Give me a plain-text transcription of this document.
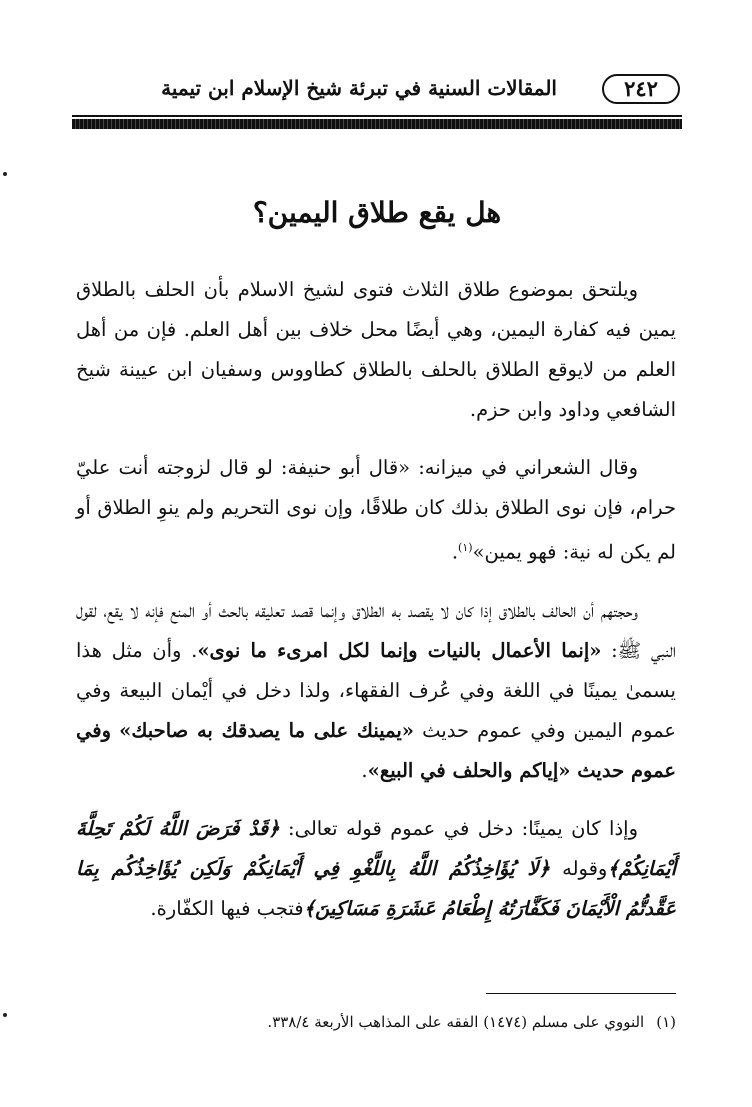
٢٤٢
المقالات السنية في تبرئة شيخ الإسلام ابن تيمية
هل يقع طلاق اليمين؟

ويلتحق بموضوع طلاق الثلاث فتوى لشيخ الاسلام بأن الحلف بالطلاق يمين فيه كفارة اليمين، وهي أيضًا محل خلاف بين أهل العلم. فإن من أهل العلم من لايوقع الطلاق بالحلف بالطلاق كطاووس وسفيان ابن عيينة شيخ الشافعي وداود وابن حزم.

وقال الشعراني في ميزانه: «قال أبو حنيفة: لو قال لزوجته أنت عليّ حرام، فإن نوى الطلاق بذلك كان طلاقًا، وإن نوى التحريم ولم ينوِ الطلاق أو لم يكن له نية: فهو يمين»$^{(١)}$.

وحجتهم أن الحالف بالطلاق إذا كان لا يقصد به الطلاق وإنما قصد تعليقه بالحث أو المنع فإنه لا يقع، لقول النبي ﷺ: «إنما الأعمال بالنيات وإنما لكل امرىء ما نوى». وأن مثل هذا يسمىٰ يمينًا في اللغة وفي عُرف الفقهاء، ولذا دخل في أيْمان البيعة وفي عموم اليمين وفي عموم حديث «يمينك على ما يصدقك به صاحبك» وفي عموم حديث «إياكم والحلف في البيع».

وإذا كان يمينًا: دخل في عموم قوله تعالى: ﴿قَدْ فَرَضَ اللَّهُ لَكُمْ تَحِلَّةَ أَيْمَانِكُمْ﴾وقوله ﴿لَا يُؤَاخِذُكُمُ اللَّهُ بِاللَّغْوِ فِي أَيْمَانِكُمْ وَلَكِن يُؤَاخِذُكُم بِمَا عَقَّدتُّمُ الْأَيْمَانَ فَكَفَّارَتُهُ إِطْعَامُ عَشَرَةِ مَسَاكِينَ﴾فتجب فيها الكفّارة.

(١)النووي على مسلم (١٤٧٤) الفقه على المذاهب الأربعة ٣٣٨/٤.
